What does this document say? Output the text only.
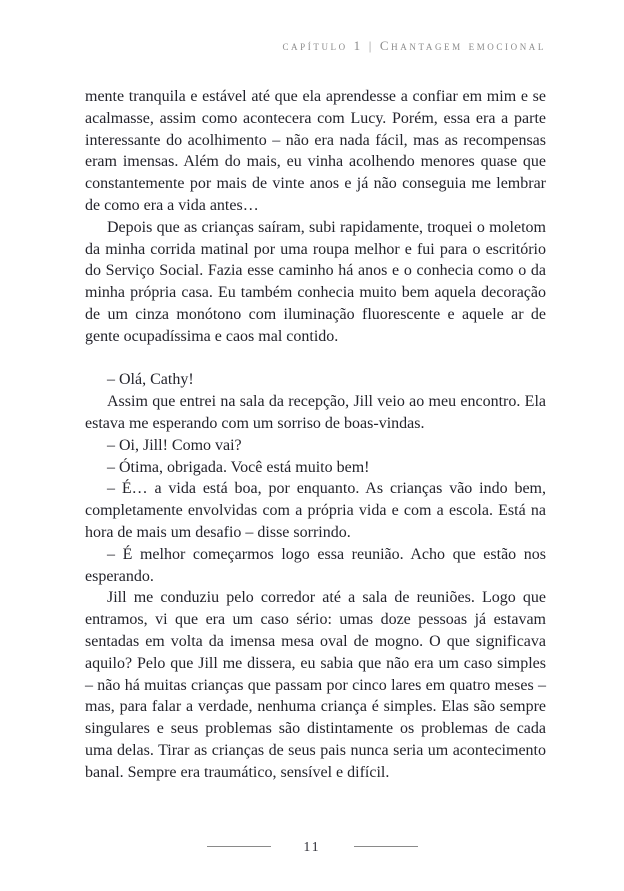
capítulo 1 | Chantagem emocional

mente tranquila e estável até que ela aprendesse a confiar em mim e se acalmasse, assim como acontecera com Lucy. Porém, essa era a parte interessante do acolhimento – não era nada fácil, mas as recompensas eram imensas. Além do mais, eu vinha acolhendo menores quase que constantemente por mais de vinte anos e já não conseguia me lembrar de como era a vida antes…

Depois que as crianças saíram, subi rapidamente, troquei o moletom da minha corrida matinal por uma roupa melhor e fui para o escritório do Serviço Social. Fazia esse caminho há anos e o conhecia como o da minha própria casa. Eu também conhecia muito bem aquela decoração de um cinza monótono com iluminação fluorescente e aquele ar de gente ocupadíssima e caos mal contido.

– Olá, Cathy!

Assim que entrei na sala da recepção, Jill veio ao meu encontro. Ela estava me esperando com um sorriso de boas-vindas.

– Oi, Jill! Como vai?

– Ótima, obrigada. Você está muito bem!

– É… a vida está boa, por enquanto. As crianças vão indo bem, completamente envolvidas com a própria vida e com a escola. Está na hora de mais um desafio – disse sorrindo.

– É melhor começarmos logo essa reunião. Acho que estão nos esperando.

Jill me conduziu pelo corredor até a sala de reuniões. Logo que entramos, vi que era um caso sério: umas doze pessoas já estavam sentadas em volta da imensa mesa oval de mogno. O que significava aquilo? Pelo que Jill me dissera, eu sabia que não era um caso simples – não há muitas crianças que passam por cinco lares em quatro meses – mas, para falar a verdade, nenhuma criança é simples. Elas são sempre singulares e seus problemas são distintamente os problemas de cada uma delas. Tirar as crianças de seus pais nunca seria um acontecimento banal. Sempre era traumático, sensível e difícil.

11
